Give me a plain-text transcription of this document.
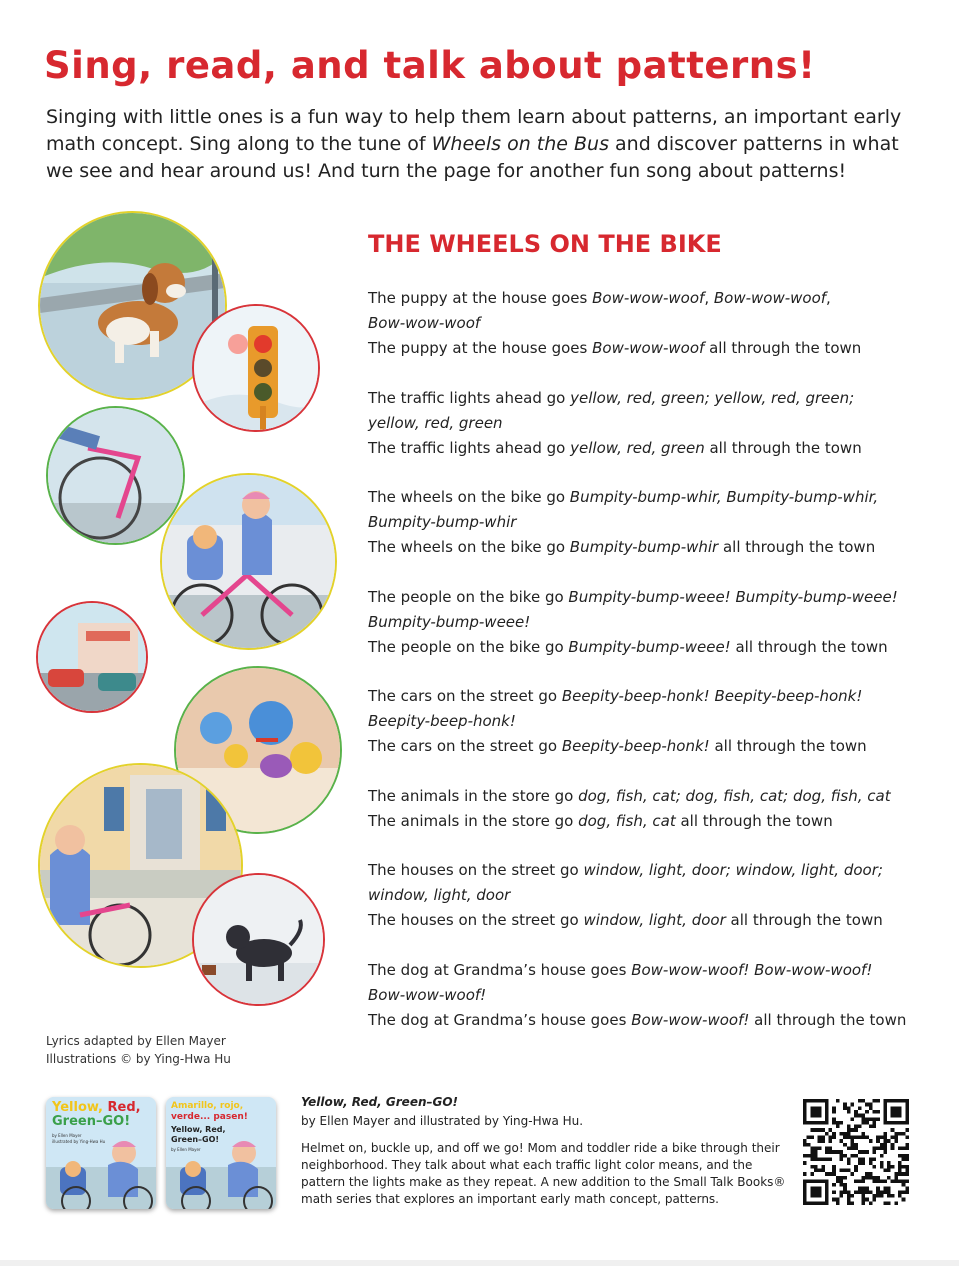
Sing, read, and talk about patterns!
Singing with little ones is a fun way to help them learn about patterns, an important early math concept. Sing along to the tune of Wheels on the Bus and discover patterns in what we see and hear around us! And turn the page for another fun song about patterns!
THE WHEELS ON THE BIKE
The puppy at the house goes Bow-wow-woof, Bow-wow-woof,
Bow-wow-woof
The puppy at the house goes Bow-wow-woof all through the town
The traffic lights ahead go yellow, red, green; yellow, red, green;
yellow, red, green
The traffic lights ahead go yellow, red, green all through the town
The wheels on the bike go Bumpity-bump-whir, Bumpity-bump-whir,
Bumpity-bump-whir
The wheels on the bike go Bumpity-bump-whir all through the town
The people on the bike go Bumpity-bump-weee! Bumpity-bump-weee!
Bumpity-bump-weee!
The people on the bike go Bumpity-bump-weee! all through the town
The cars on the street go Beepity-beep-honk! Beepity-beep-honk!
Beepity-beep-honk!
The cars on the street go Beepity-beep-honk! all through the town
The animals in the store go dog, fish, cat; dog, fish, cat; dog, fish, cat
The animals in the store go dog, fish, cat all through the town
The houses on the street go window, light, door; window, light, door;
window, light, door
The houses on the street go window, light, door all through the town
The dog at Grandma’s house goes Bow-wow-woof! Bow-wow-woof!
Bow-wow-woof!
The dog at Grandma’s house goes Bow-wow-woof! all through the town
Lyrics adapted by Ellen Mayer
Illustrations © by Ying-Hwa Hu
Yellow, Red,
Green–GO!
by Ellen Mayer
illustrated by Ying-Hwa Hu
Amarillo, rojo,
verde... pasen!
Yellow, Red,
Green–GO!
by Ellen Mayer
Yellow, Red, Green–GO!
by Ellen Mayer and illustrated by Ying-Hwa Hu.
Helmet on, buckle up, and off we go! Mom and toddler ride a bike through their neighborhood. They talk about what each traffic light color means, and the pattern the lights make as they repeat. A new addition to the Small Talk Books® math series that explores an important early math concept, patterns.
